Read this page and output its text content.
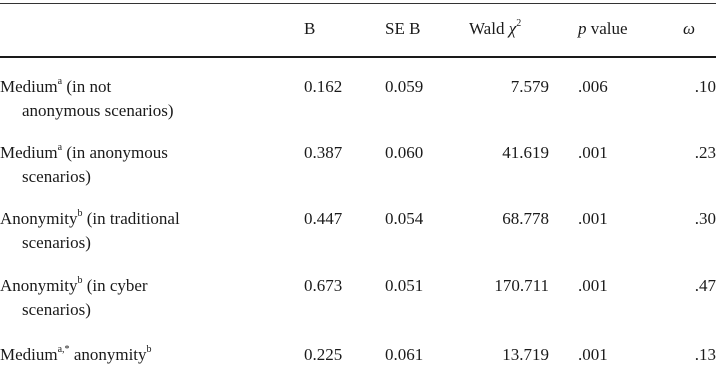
B	SE B	Wald $\chi^2$	p value	ω
Medium$^a$ (in not
anonymous scenarios)
0.162	0.059	7.579 .006	.10
Medium$^a$ (in anonymous
scenarios)
0.387	0.060	41.619 .001	.23
Anonymity$^b$ (in traditional
scenarios)
0.447	0.054	68.778 .001	.30
Anonymity$^b$ (in cyber
scenarios)
0.673	0.051	170.711 .001	.47
Medium$^{a,*}$ anonymity$^b$	0.225	0.061	13.719 .001	.13
